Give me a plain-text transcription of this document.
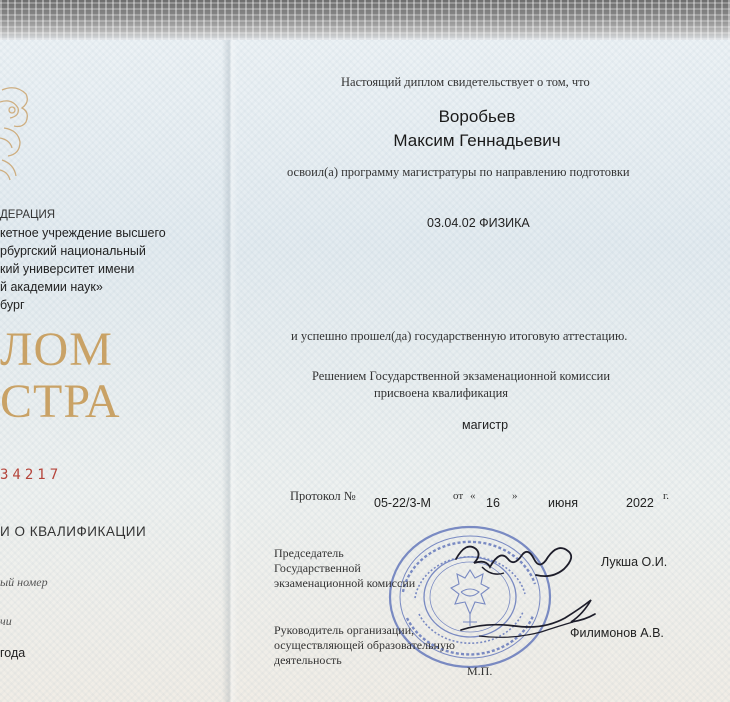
ДЕРАЦИЯ
кетное учреждение высшего
рбургский национальный
кий университет имени
й академии наук»
бург
ЛОМ
СТРА
34217
И О КВАЛИФИКАЦИИ
ый номер
чи
года
Настоящий диплом свидетельствует о том, что
Воробьев
Максим Геннадьевич
освоил(а) программу магистратуры по направлению подготовки
03.04.02 ФИЗИКА
и успешно прошел(да) государственную итоговую аттестацию.
Решением Государственной экзаменационной комиссии
присвоена квалификация
магистр
Протокол № 05-22/3-М от « 16 » июня	2022 г.
Председатель
Государственной
экзаменационной комиссии
Лукша О.И.
Руководитель организации,
осуществляющей образовательную
деятельность
Филимонов А.В.
М.П.
